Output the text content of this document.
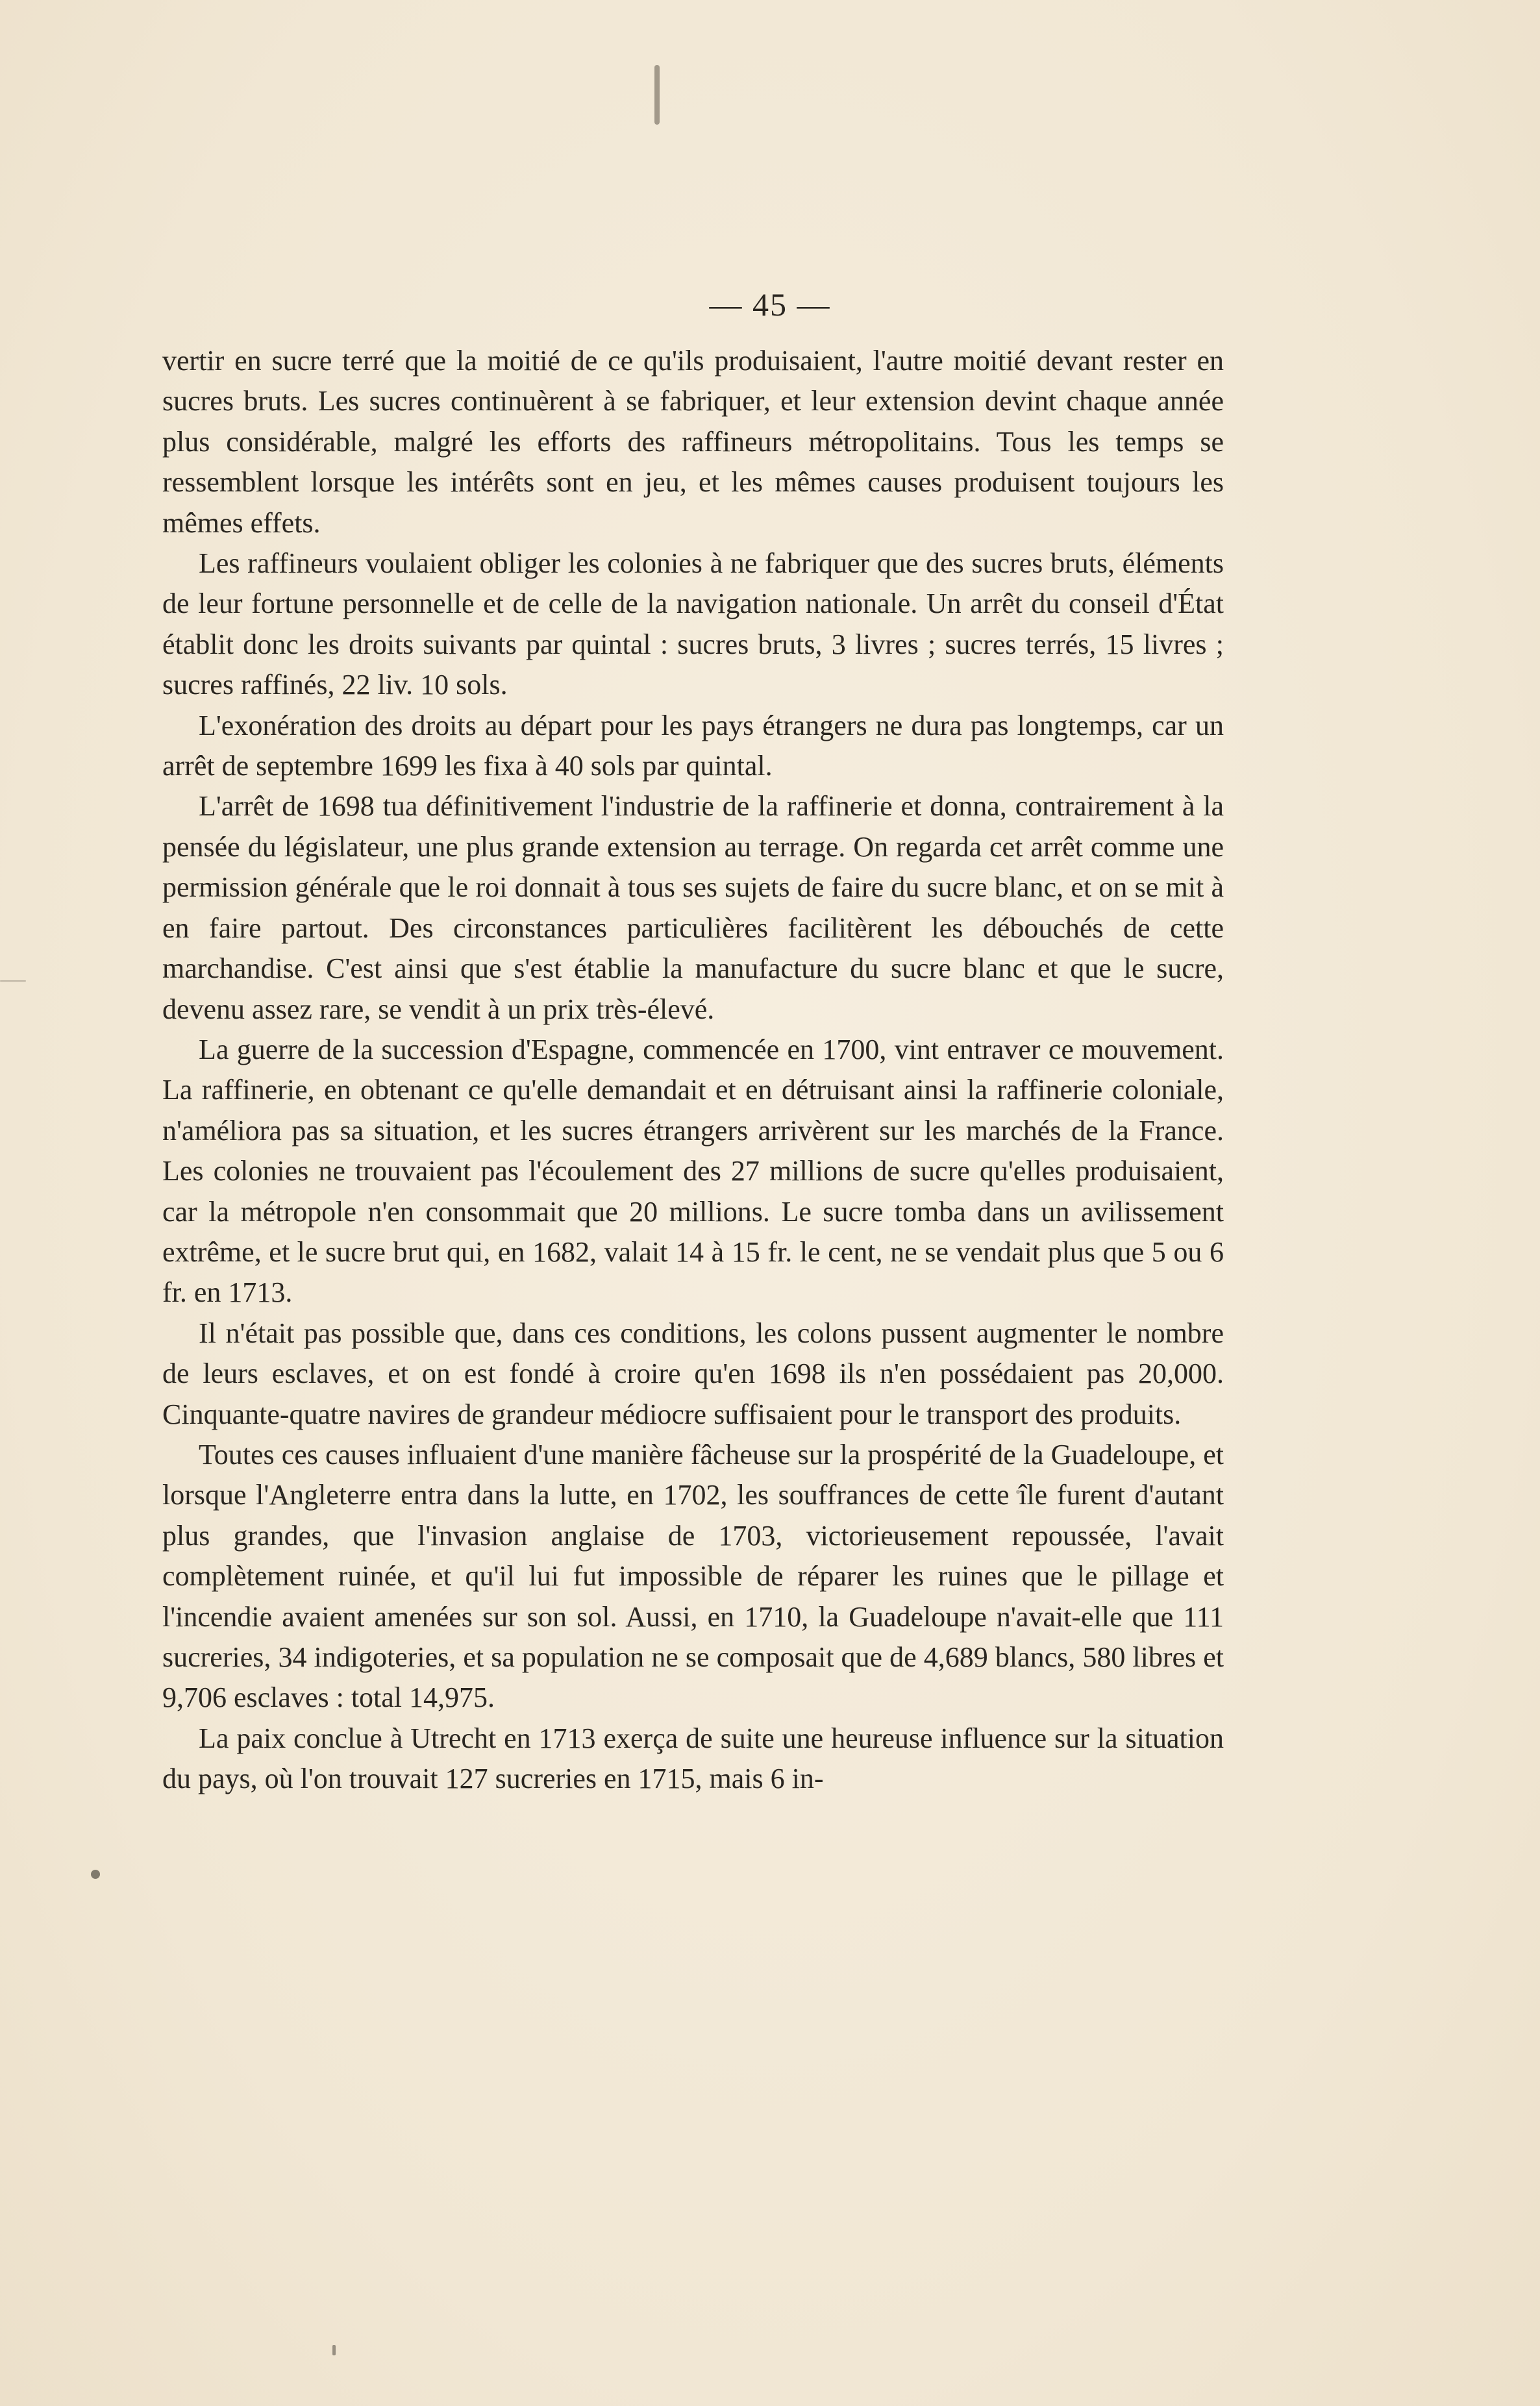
— 45 —

vertir en sucre terré que la moitié de ce qu'ils produisaient, l'autre moitié devant rester en sucres bruts. Les sucres continuèrent à se fabriquer, et leur extension devint chaque année plus considérable, malgré les efforts des raffineurs métropolitains. Tous les temps se ressemblent lorsque les intérêts sont en jeu, et les mêmes causes produisent toujours les mêmes effets.

Les raffineurs voulaient obliger les colonies à ne fabriquer que des sucres bruts, éléments de leur fortune personnelle et de celle de la navigation nationale. Un arrêt du conseil d'État établit donc les droits suivants par quintal : sucres bruts, 3 livres ; sucres terrés, 15 livres ; sucres raffinés, 22 liv. 10 sols.

L'exonération des droits au départ pour les pays étrangers ne dura pas longtemps, car un arrêt de septembre 1699 les fixa à 40 sols par quintal.

L'arrêt de 1698 tua définitivement l'industrie de la raffinerie et donna, contrairement à la pensée du législateur, une plus grande extension au terrage. On regarda cet arrêt comme une permission générale que le roi donnait à tous ses sujets de faire du sucre blanc, et on se mit à en faire partout. Des circonstances particulières facilitèrent les débouchés de cette marchandise. C'est ainsi que s'est établie la manufacture du sucre blanc et que le sucre, devenu assez rare, se vendit à un prix très-élevé.

La guerre de la succession d'Espagne, commencée en 1700, vint entraver ce mouvement. La raffinerie, en obtenant ce qu'elle demandait et en détruisant ainsi la raffinerie coloniale, n'améliora pas sa situation, et les sucres étrangers arrivèrent sur les marchés de la France. Les colonies ne trouvaient pas l'écoulement des 27 millions de sucre qu'elles produisaient, car la métropole n'en consommait que 20 millions. Le sucre tomba dans un avilissement extrême, et le sucre brut qui, en 1682, valait 14 à 15 fr. le cent, ne se vendait plus que 5 ou 6 fr. en 1713.

Il n'était pas possible que, dans ces conditions, les colons pussent augmenter le nombre de leurs esclaves, et on est fondé à croire qu'en 1698 ils n'en possédaient pas 20,000. Cinquante-quatre navires de grandeur médiocre suffisaient pour le transport des produits.

Toutes ces causes influaient d'une manière fâcheuse sur la prospérité de la Guadeloupe, et lorsque l'Angleterre entra dans la lutte, en 1702, les souffrances de cette île furent d'autant plus grandes, que l'invasion anglaise de 1703, victorieusement repoussée, l'avait complètement ruinée, et qu'il lui fut impossible de réparer les ruines que le pillage et l'incendie avaient amenées sur son sol. Aussi, en 1710, la Guadeloupe n'avait-elle que 111 sucreries, 34 indigoteries, et sa population ne se composait que de 4,689 blancs, 580 libres et 9,706 esclaves : total 14,975.

La paix conclue à Utrecht en 1713 exerça de suite une heureuse influence sur la situation du pays, où l'on trouvait 127 sucreries en 1715, mais 6 in-
